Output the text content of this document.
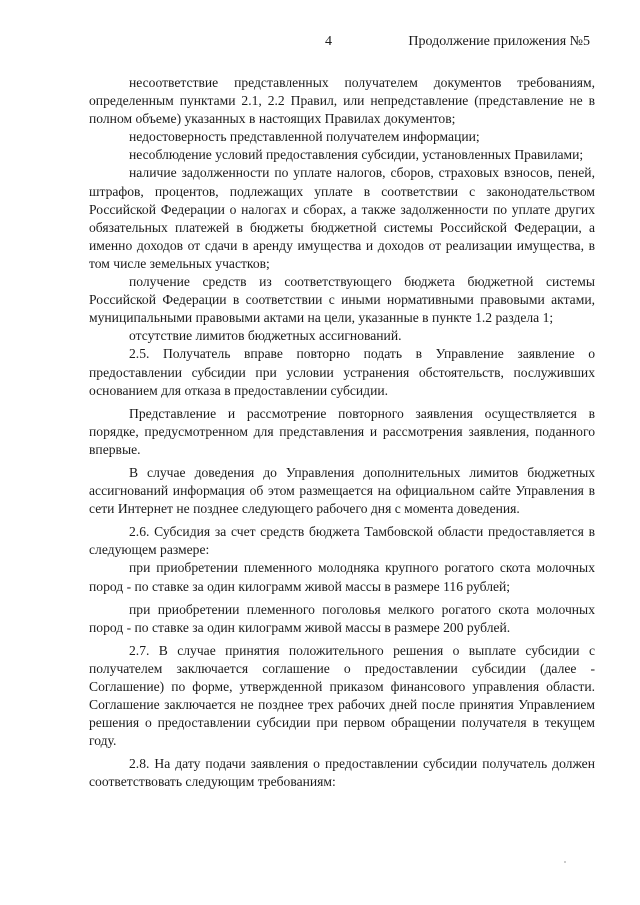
4	Продолжение приложения №5

несоответствие представленных получателем документов требованиям, определенным пунктами 2.1, 2.2 Правил, или непредставление (представление не в полном объеме) указанных в настоящих Правилах документов;

недостоверность представленной получателем информации;

несоблюдение условий предоставления субсидии, установленных Правилами;

наличие задолженности по уплате налогов, сборов, страховых взносов, пеней, штрафов, процентов, подлежащих уплате в соответствии с законодательством Российской Федерации о налогах и сборах, а также задолженности по уплате других обязательных платежей в бюджеты бюджетной системы Российской Федерации, а именно доходов от сдачи в аренду имущества и доходов от реализации имущества, в том числе земельных участков;

получение средств из соответствующего бюджета бюджетной системы Российской Федерации в соответствии с иными нормативными правовыми актами, муниципальными правовыми актами на цели, указанные в пункте 1.2 раздела 1;

отсутствие лимитов бюджетных ассигнований.

2.5. Получатель вправе повторно подать в Управление заявление о предоставлении субсидии при условии устранения обстоятельств, послуживших основанием для отказа в предоставлении субсидии.

Представление и рассмотрение повторного заявления осуществляется в порядке, предусмотренном для представления и рассмотрения заявления, поданного впервые.

В случае доведения до Управления дополнительных лимитов бюджетных ассигнований информация об этом размещается на официальном сайте Управления в сети Интернет не позднее следующего рабочего дня с момента доведения.

2.6. Субсидия за счет средств бюджета Тамбовской области предоставляется в следующем размере:

при приобретении племенного молодняка крупного рогатого скота молочных пород - по ставке за один килограмм живой массы в размере 116 рублей;

при приобретении племенного поголовья мелкого рогатого скота молочных пород - по ставке за один килограмм живой массы в размере 200 рублей.

2.7. В случае принятия положительного решения о выплате субсидии с получателем заключается соглашение о предоставлении субсидии (далее - Соглашение) по форме, утвержденной приказом финансового управления области. Соглашение заключается не позднее трех рабочих дней после принятия Управлением решения о предоставлении субсидии при первом обращении получателя в текущем году.

2.8. На дату подачи заявления о предоставлении субсидии получатель должен соответствовать следующим требованиям:
